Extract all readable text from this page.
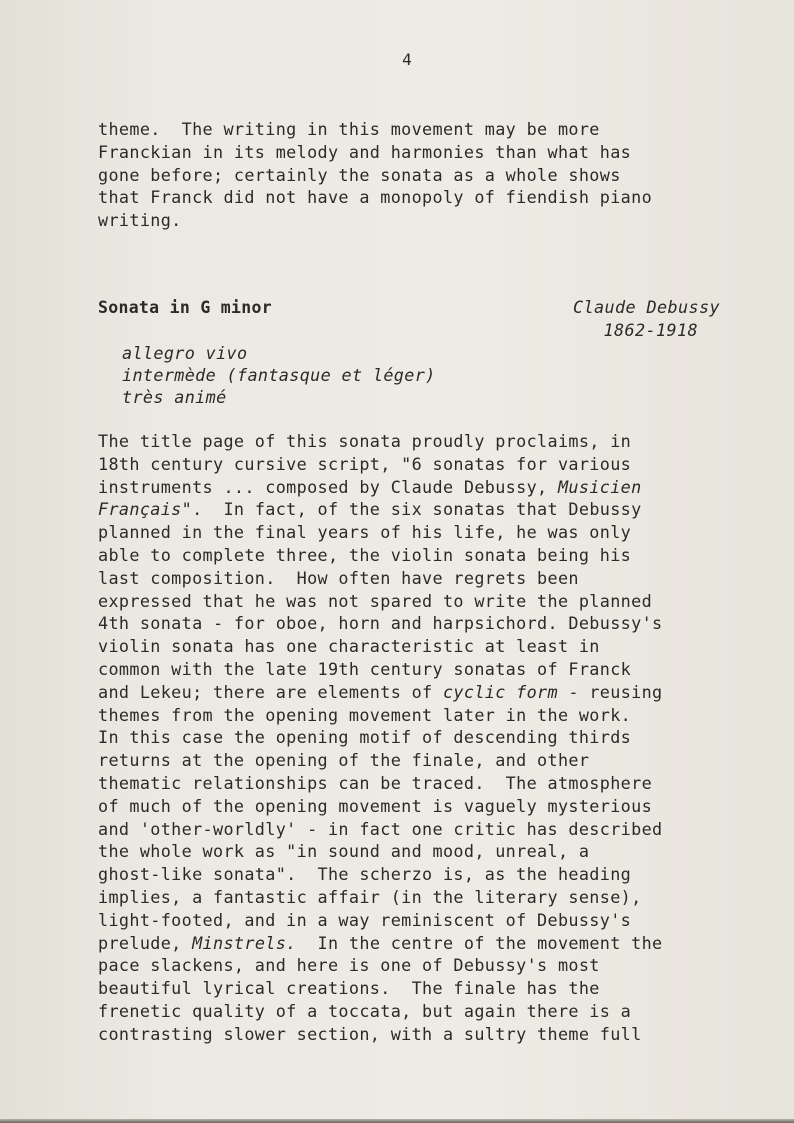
4

theme.  The writing in this movement may be more
Franckian in its melody and harmonies than what has
gone before; certainly the sonata as a whole shows
that Franck did not have a monopoly of fiendish piano
writing.

Sonata in G minor	Claude Debussy

1862-1918
allegro vivo
intermède (fantasque et léger)
très animé

The title page of this sonata proudly proclaims, in
18th century cursive script, "6 sonatas for various
instruments ... composed by Claude Debussy, Musicien
Français".  In fact, of the six sonatas that Debussy
planned in the final years of his life, he was only
able to complete three, the violin sonata being his
last composition.  How often have regrets been
expressed that he was not spared to write the planned
4th sonata - for oboe, horn and harpsichord. Debussy's
violin sonata has one characteristic at least in
common with the late 19th century sonatas of Franck
and Lekeu; there are elements of cyclic form - reusing
themes from the opening movement later in the work.
In this case the opening motif of descending thirds
returns at the opening of the finale, and other
thematic relationships can be traced.  The atmosphere
of much of the opening movement is vaguely mysterious
and 'other-worldly' - in fact one critic has described
the whole work as "in sound and mood, unreal, a
ghost-like sonata".  The scherzo is, as the heading
implies, a fantastic affair (in the literary sense),
light-footed, and in a way reminiscent of Debussy's
prelude, Minstrels.  In the centre of the movement the
pace slackens, and here is one of Debussy's most
beautiful lyrical creations.  The finale has the
frenetic quality of a toccata, but again there is a
contrasting slower section, with a sultry theme full
